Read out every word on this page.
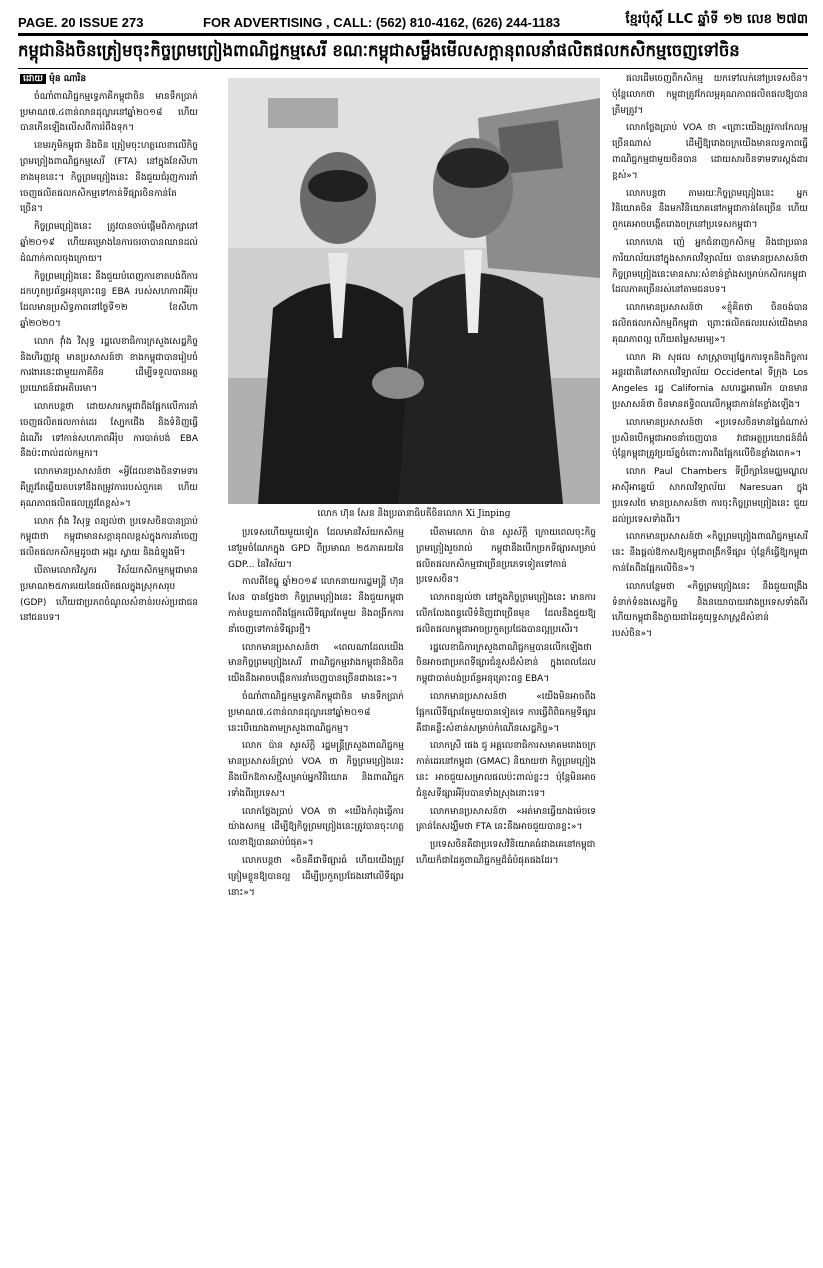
PAGE. 20 ISSUE 273	FOR ADVERTISING , CALL: (562) 810-4162, (626) 244-1183	ខ្មែរប៉ុស្តិ៍ LLC ឆ្នាំទី ១២ លេខ ២៧៣
កម្ពុជានិងចិនត្រៀមចុះកិច្ចព្រមព្រៀងពាណិជ្ជកម្មសេរី ខណៈកម្ពុជាសម្លឹងមើលសក្តានុពលនាំផលិតផលកសិកម្មចេញទៅចិន
ដោយ ម៉ុន ណារិន

ចំណាំពាណិជ្ជកម្មទ្វេភាគីកម្ពុជាចិន មានទឹកប្រាក់ប្រមាណ៧.៤ពាន់លានដុល្លារនៅឆ្នាំ២០១៨ ហើយបានកើនឡើងលើសពីការរំពឹងទុក។

ខេមរភូមិកម្ពុជា និងចិន ត្រៀមចុះហត្ថលេខាលើកិច្ចព្រមព្រៀងពាណិជ្ជកម្មសេរី (FTA) នៅក្នុងខែសីហាខាងមុខនេះ។ កិច្ចព្រមព្រៀងនេះ នឹងជួយជំរុញការនាំចេញផលិតផលកសិកម្មទៅកាន់ទីផ្សារចិនកាន់តែច្រើន។

កិច្ចព្រមព្រៀងនេះ ត្រូវបានចាប់ផ្តើមពិភាក្សានៅឆ្នាំ២០១៩ ហើយគម្រោងនៃការចរចាបានឈានដល់ដំណាក់កាលចុងក្រោយ។

កិច្ចព្រមព្រៀងនេះ នឹងជួយបំពេញការខាតបង់ពីការដកហូតប្រព័ន្ធអនុគ្រោះពន្ធ EBA របស់សហភាពអឺរ៉ុប ដែលមានប្រសិទ្ធភាពនៅថ្ងៃទី១២ ខែសីហា ឆ្នាំ២០២០។

លោក វ៉ាំង វិសុទ្ធ រដ្ឋលេខាធិការក្រសួងសេដ្ឋកិច្ច និងហិរញ្ញវត្ថុ មានប្រសាសន៍ថា ខាងកម្ពុជាបានរៀបចំការងារនេះជាមួយភាគីចិន ដើម្បីទទួលបានអត្ថប្រយោជន៍ជាអតិបរមា។

លោកបន្តថា ដោយសារកម្ពុជាពឹងផ្អែកលើការនាំចេញផលិតផលកាត់ដេរ ស្បែកជើង និងទំនិញធ្វើដំណើរ ទៅកាន់សហភាពអឺរ៉ុប ការបាត់បង់ EBA នឹងប៉ះពាល់ដល់កម្មករ។

លោកមានប្រសាសន៍ថា «អ្វីដែលខាងចិនទាមទារ គឺត្រូវតែឆ្លើយតបទៅនឹងតម្រូវការរបស់ពួកគេ ហើយគុណភាពផលិតផលត្រូវតែខ្ពស់»។

លោក វ៉ាំង វិសុទ្ធ ពន្យល់ថា ប្រទេសចិនបានប្រាប់កម្ពុជាថា កម្ពុជាមានសក្តានុពលខ្ពស់ក្នុងការនាំចេញផលិតផលកសិកម្មដូចជា អង្ករ ស្វាយ និងដំឡូងមី។

បើតាមលោកវិស្វករ វិស័យកសិកម្មកម្ពុជាមានប្រមាណ២៥ភាគរយនៃផលិតផលក្នុងស្រុកសរុប (GDP) ហើយជាប្រភពចំណូលសំខាន់របស់ប្រជាជននៅជនបទ។

លោក ហ៊ុន សែន និងប្រធានាធិបតីចិនលោក Xi Jinping

ប្រទេសហើយមួយទៀត ដែលមានវិស័យកសិកម្មនៅរួមចំណែកក្នុង GPD ពីប្រមាណ ២៥ភាគរយនៃ GDP... នៃវិស័យ។

កាលពីខែធ្នូ ឆ្នាំ២០១៩ លោកនាយករដ្ឋមន្ត្រី ហ៊ុន សែន បានថ្លែងថា កិច្ចព្រមព្រៀងនេះ នឹងជួយកម្ពុជាកាត់បន្ថយភាពពឹងផ្អែកលើទីផ្សារតែមួយ និងពង្រីកការនាំចេញទៅកាន់ទីផ្សារថ្មី។

លោកមានប្រសាសន៍ថា «ពេលណាដែលយើងមានកិច្ចព្រមព្រៀងសេរី ពាណិជ្ជកម្មរវាងកម្ពុជានិងចិន យើងនឹងអាចបង្កើនការនាំចេញបានច្រើនជាងនេះ»។

ចំណាំពាណិជ្ជកម្មទ្វេភាគីកម្ពុជាចិន មានទឹកប្រាក់ប្រមាណ៧.៤ពាន់លានដុល្លារនៅឆ្នាំ២០១៨ នេះបើយោងតាមក្រសួងពាណិជ្ជកម្ម។

លោក ប៉ាន សូរស័ក្តិ រដ្ឋមន្ត្រីក្រសួងពាណិជ្ជកម្ម មានប្រសាសន៍ប្រាប់ VOA ថា កិច្ចព្រមព្រៀងនេះ នឹងបើកឱកាសថ្មីសម្រាប់អ្នកវិនិយោគ និងពាណិជ្ជករទាំងពីរប្រទេស។

លោកថ្លែងប្រាប់ VOA ថា «យើងកំពុងធ្វើការយ៉ាងសកម្ម ដើម្បីឱ្យកិច្ចព្រមព្រៀងនេះត្រូវបានចុះហត្ថលេខាឱ្យបានឆាប់បំផុត»។

លោកបន្តថា «ចិនគឺជាទីផ្សារធំ ហើយយើងត្រូវត្រៀមខ្លួនឱ្យបានល្អ ដើម្បីប្រកួតប្រជែងនៅលើទីផ្សារនោះ»។

បើតាមលោក ប៉ាន សូរស័ក្តិ ក្រោយពេលចុះកិច្ចព្រមព្រៀងរួចរាល់ កម្ពុជានឹងបើកច្រកទីផ្សារសម្រាប់ផលិតផលកសិកម្មជាច្រើនប្រភេទទៀតទៅកាន់ប្រទេសចិន។

លោកពន្យល់ថា នៅក្នុងកិច្ចព្រមព្រៀងនេះ មានការលើកលែងពន្ធលើទំនិញជាច្រើនមុខ ដែលនឹងជួយឱ្យផលិតផលកម្ពុជាអាចប្រកួតប្រជែងបានល្អប្រសើរ។

រដ្ឋលេខាធិការក្រសួងពាណិជ្ជកម្មបានលើកឡើងថា ចិនអាចជាប្រភពទីផ្សារជំនួសដ៏សំខាន់ ក្នុងពេលដែលកម្ពុជាបាត់បង់ប្រព័ន្ធអនុគ្រោះពន្ធ EBA។

លោកមានប្រសាសន៍ថា «យើងមិនអាចពឹងផ្អែកលើទីផ្សារតែមួយបានទៀតទេ ការធ្វើពិពិធកម្មទីផ្សារគឺជាគន្លឹះសំខាន់សម្រាប់កំណើនសេដ្ឋកិច្ច»។

លោកស្រី ផេង ជូ អគ្គលេខាធិការសមាគមរោងចក្រកាត់ដេរនៅកម្ពុជា (GMAC) និយាយថា កិច្ចព្រមព្រៀងនេះ អាចជួយសម្រាលផលប៉ះពាល់ខ្លះៗ ប៉ុន្តែមិនអាចជំនួសទីផ្សារអឺរ៉ុបបានទាំងស្រុងនោះទេ។

លោកមានប្រសាសន៍ថា «អត់មានធ្វើយាងម៉េចទេ គ្រាន់តែសង្ឃឹមថា FTA នេះនឹងអាចជួយបានខ្លះ»។

ប្រទេសចិនគឺជាប្រទេសវិនិយោគធំជាងគេនៅកម្ពុជា ហើយក៏ជាដៃគូពាណិជ្ជកម្មដ៏ធំបំផុតផងដែរ។

ផលដើមចេញពីកសិកម្ម យកទៅលក់នៅប្រទេសចិន។ ប៉ុន្តែលោកថា កម្ពុជាត្រូវកែលម្អគុណភាពផលិតផលឱ្យបានត្រឹមត្រូវ។

លោកថ្លែងប្រាប់ VOA ថា «ព្រោះយើងត្រូវការកែលម្អច្រើនណាស់ ដើម្បីឱ្យរោងចក្រយើងមានលទ្ធភាពធ្វើពាណិជ្ជកម្មជាមួយចិនបាន ដោយសារចិនទាមទារស្តង់ដារខ្ពស់»។

លោកបន្តថា តាមរយៈកិច្ចព្រមព្រៀងនេះ អ្នកវិនិយោគចិន នឹងមកវិនិយោគនៅកម្ពុជាកាន់តែច្រើន ហើយពួកគេអាចបង្កើតរោងចក្រនៅប្រទេសកម្ពុជា។

លោកហេង ញ៉េ អ្នកជំនាញកសិកម្ម និងជាប្រធានការិយាល័យនៅក្នុងសាកលវិទ្យាល័យ បានមានប្រសាសន៍ថា កិច្ចព្រមព្រៀងនេះមានសារៈសំខាន់ខ្លាំងសម្រាប់កសិករកម្ពុជា ដែលភាគច្រើនរស់នៅតាមជនបទ។

លោកមានប្រសាសន៍ថា «ខ្ញុំគិតថា ចិនចង់បានផលិតផលកសិកម្មពីកម្ពុជា ព្រោះផលិតផលរបស់យើងមានគុណភាពល្អ ហើយតម្លៃសមរម្យ»។

លោក អ៊ា សុផល សាស្ត្រាចារ្យផ្នែកការទូតនិងកិច្ចការអន្តរជាតិនៅសាកលវិទ្យាល័យ Occidental ទីក្រុង Los Angeles រដ្ឋ California សហរដ្ឋអាមេរិក បានមានប្រសាសន៍ថា ចិនមានឥទ្ធិពលលើកម្ពុជាកាន់តែខ្លាំងឡើង។

លោកមានប្រសាសន៍ថា «ប្រទេសចិនមានផ្ទៃធំណាស់ ប្រសិនបើកម្ពុជាអាចនាំចេញបាន វាជាអត្ថប្រយោជន៍ដ៏ធំ ប៉ុន្តែកម្ពុជាត្រូវប្រយ័ត្នចំពោះការពឹងផ្អែកលើចិនខ្លាំងពេក»។

លោក Paul Chambers ទីប្រឹក្សានៃមជ្ឈមណ្ឌលអាស៊ីអាគ្នេយ៍ សាកលវិទ្យាល័យ Naresuan ក្នុងប្រទេសថៃ មានប្រសាសន៍ថា ការចុះកិច្ចព្រមព្រៀងនេះ ជួយដល់ប្រទេសទាំងពីរ។

លោកមានប្រសាសន៍ថា «កិច្ចព្រមព្រៀងពាណិជ្ជកម្មសេរីនេះ នឹងផ្តល់ឱកាសឱ្យកម្ពុជាពង្រីកទីផ្សារ ប៉ុន្តែក៏ធ្វើឱ្យកម្ពុជាកាន់តែពឹងផ្អែកលើចិន»។

លោកបន្ថែមថា «កិច្ចព្រមព្រៀងនេះ នឹងជួយពង្រឹងទំនាក់ទំនងសេដ្ឋកិច្ច និងនយោបាយរវាងប្រទេសទាំងពីរ ហើយកម្ពុជានឹងក្លាយជាដៃគូយុទ្ធសាស្ត្រដ៏សំខាន់របស់ចិន»។
